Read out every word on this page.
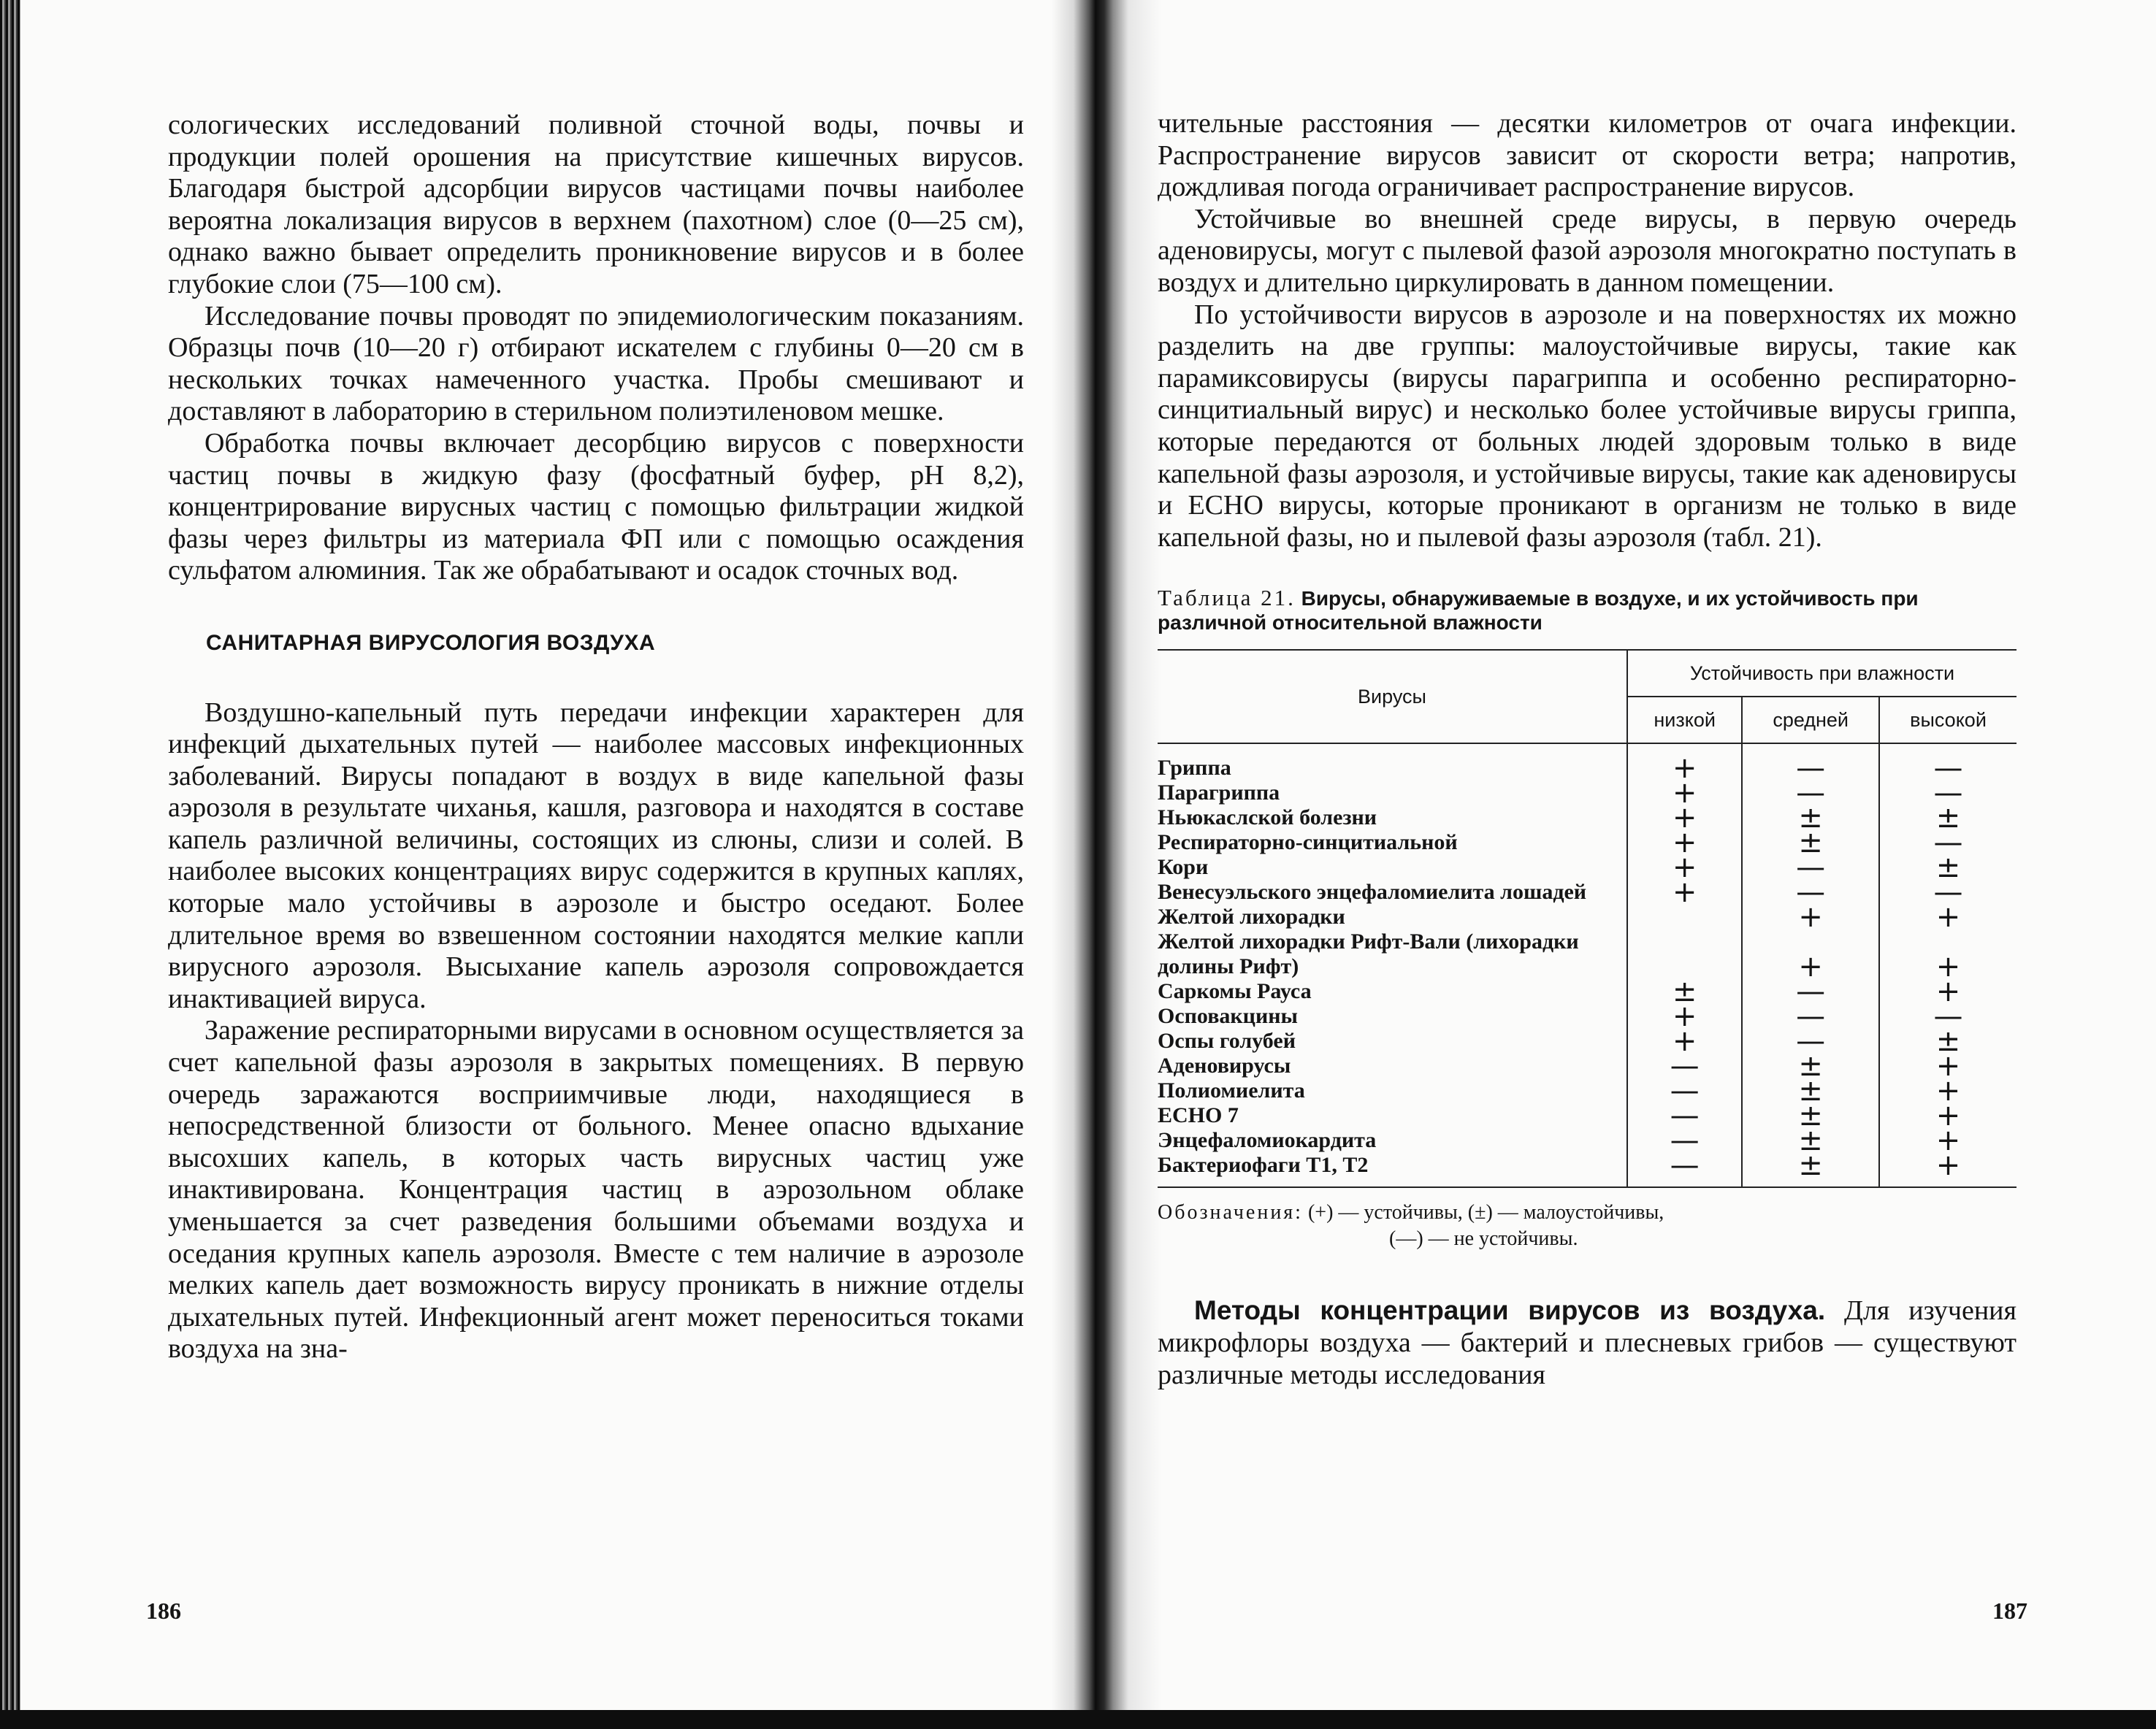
сологических исследований поливной сточной воды, почвы и продукции полей орошения на присутствие кишечных вирусов. Благодаря быстрой адсорбции вирусов частицами почвы наиболее вероятна локализация вирусов в верхнем (пахотном) слое (0—25 см), однако важно бывает определить проникновение вирусов и в более глубокие слои (75—100 см).

Исследование почвы проводят по эпидемиологическим показаниям. Образцы почв (10—20 г) отбирают искателем с глубины 0—20 см в нескольких точках намеченного участка. Пробы смешивают и доставляют в лабораторию в стерильном полиэтиленовом мешке.

Обработка почвы включает десорбцию вирусов с поверхности частиц почвы в жидкую фазу (фосфатный буфер, pH 8,2), концентрирование вирусных частиц с помощью фильтрации жидкой фазы через фильтры из материала ФП или с помощью осаждения сульфатом алюминия. Так же обрабатывают и осадок сточных вод.

САНИТАРНАЯ ВИРУСОЛОГИЯ ВОЗДУХА

Воздушно-капельный путь передачи инфекции характерен для инфекций дыхательных путей — наиболее массовых инфекционных заболеваний. Вирусы попадают в воздух в виде капельной фазы аэрозоля в результате чиханья, кашля, разговора и находятся в составе капель различной величины, состоящих из слюны, слизи и солей. В наиболее высоких концентрациях вирус содержится в крупных каплях, которые мало устойчивы в аэрозоле и быстро оседают. Более длительное время во взвешенном состоянии находятся мелкие капли вирусного аэрозоля. Высыхание капель аэрозоля сопровождается инактивацией вируса.

Заражение респираторными вирусами в основном осуществляется за счет капельной фазы аэрозоля в закрытых помещениях. В первую очередь заражаются восприимчивые люди, находящиеся в непосредственной близости от больного. Менее опасно вдыхание высохших капель, в которых часть вирусных частиц уже инактивирована. Концентрация частиц в аэрозольном облаке уменьшается за счет разведения большими объемами воздуха и оседания крупных капель аэрозоля. Вместе с тем наличие в аэрозоле мелких капель дает возможность вирусу проникать в нижние отделы дыхательных путей. Инфекционный агент может переноситься токами воздуха на зна-

186

чительные расстояния — десятки километров от очага инфекции. Распространение вирусов зависит от скорости ветра; напротив, дождливая погода ограничивает распространение вирусов.

Устойчивые во внешней среде вирусы, в первую очередь аденовирусы, могут с пылевой фазой аэрозоля многократно поступать в воздух и длительно циркулировать в данном помещении.

По устойчивости вирусов в аэрозоле и на поверхностях их можно разделить на две группы: малоустойчивые вирусы, такие как парамиксовирусы (вирусы парагриппа и особенно респираторно-синцитиальный вирус) и несколько более устойчивые вирусы гриппа, которые передаются от больных людей здоровым только в виде капельной фазы аэрозоля, и устойчивые вирусы, такие как аденовирусы и ECHO вирусы, которые проникают в организм не только в виде капельной фазы, но и пылевой фазы аэрозоля (табл. 21).

Таблица 21. Вирусы, обнаруживаемые в воздухе, и их устойчивость при различной относительной влажности
Вирусы	Устойчивость при влажности		
	низкой	средней	высокой
Гриппа	+	—	—
Парагриппа	+	—	—
Ньюкаслской болезни	+	±	±
Респираторно-синцитиальной	+	±	—
Кори	+	—	±
Венесуэльского энцефаломиелита лошадей	+	—	—
Желтой лихорадки		+	+
Желтой лихорадки Рифт-Вали (лихорадки долины Рифт)		+	+
Саркомы Рауса	±	—	+
Осповакцины	+	—	—
Оспы голубей	+	—	±
Аденовирусы	—	±	+
Полиомиелита	—	±	+
ECHO 7	—	±	+
Энцефаломиокардита	—	±	+
Бактериофаги Т1, Т2	—	±	+
Обозначения: (+) — устойчивы, (±) — малоустойчивы,
(—) — не устойчивы.

Методы концентрации вирусов из воздуха. Для изучения микрофлоры воздуха — бактерий и плесневых грибов — существуют различные методы исследования

187
